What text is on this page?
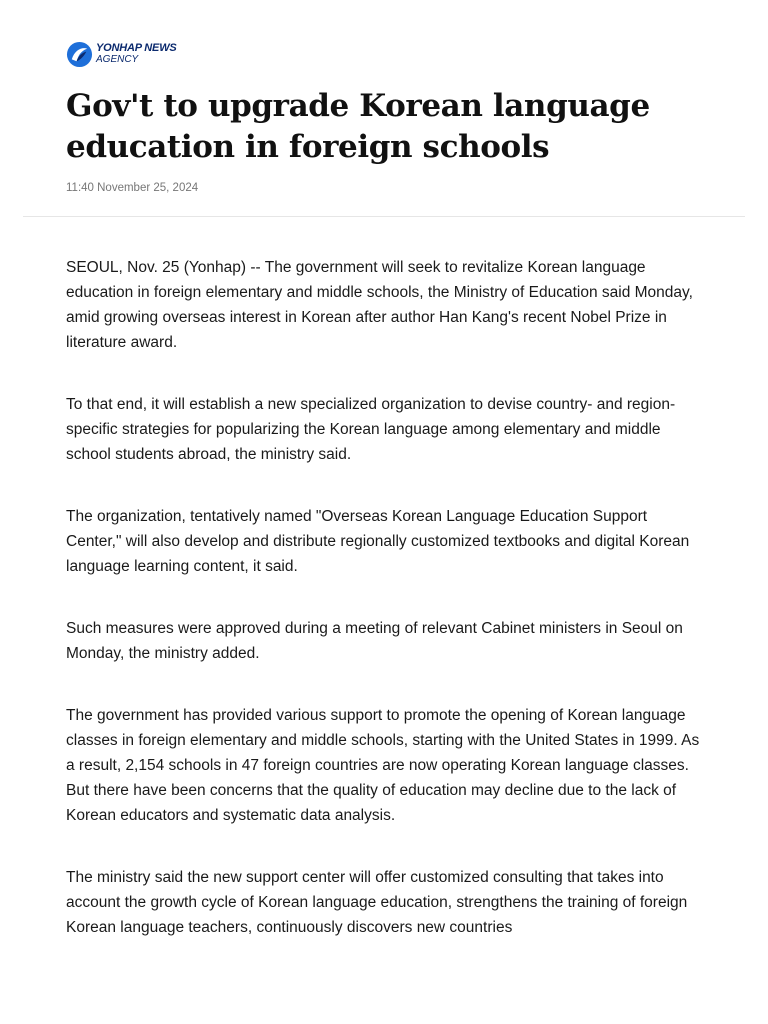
YONHAP NEWS
AGENCY
Gov't to upgrade Korean language education in foreign schools
11:40 November 25, 2024

SEOUL, Nov. 25 (Yonhap) -- The government will seek to revitalize Korean language education in foreign elementary and middle schools, the Ministry of Education said Monday, amid growing overseas interest in Korean after author Han Kang's recent Nobel Prize in literature award.

To that end, it will establish a new specialized organization to devise country- and region-specific strategies for popularizing the Korean language among elementary and middle school students abroad, the ministry said.

The organization, tentatively named "Overseas Korean Language Education Support Center," will also develop and distribute regionally customized textbooks and digital Korean language learning content, it said.

Such measures were approved during a meeting of relevant Cabinet ministers in Seoul on Monday, the ministry added.

The government has provided various support to promote the opening of Korean language classes in foreign elementary and middle schools, starting with the United States in 1999. As a result, 2,154 schools in 47 foreign countries are now operating Korean language classes. But there have been concerns that the quality of education may decline due to the lack of Korean educators and systematic data analysis.

The ministry said the new support center will offer customized consulting that takes into account the growth cycle of Korean language education, strengthens the training of foreign Korean language teachers, continuously discovers new countries
